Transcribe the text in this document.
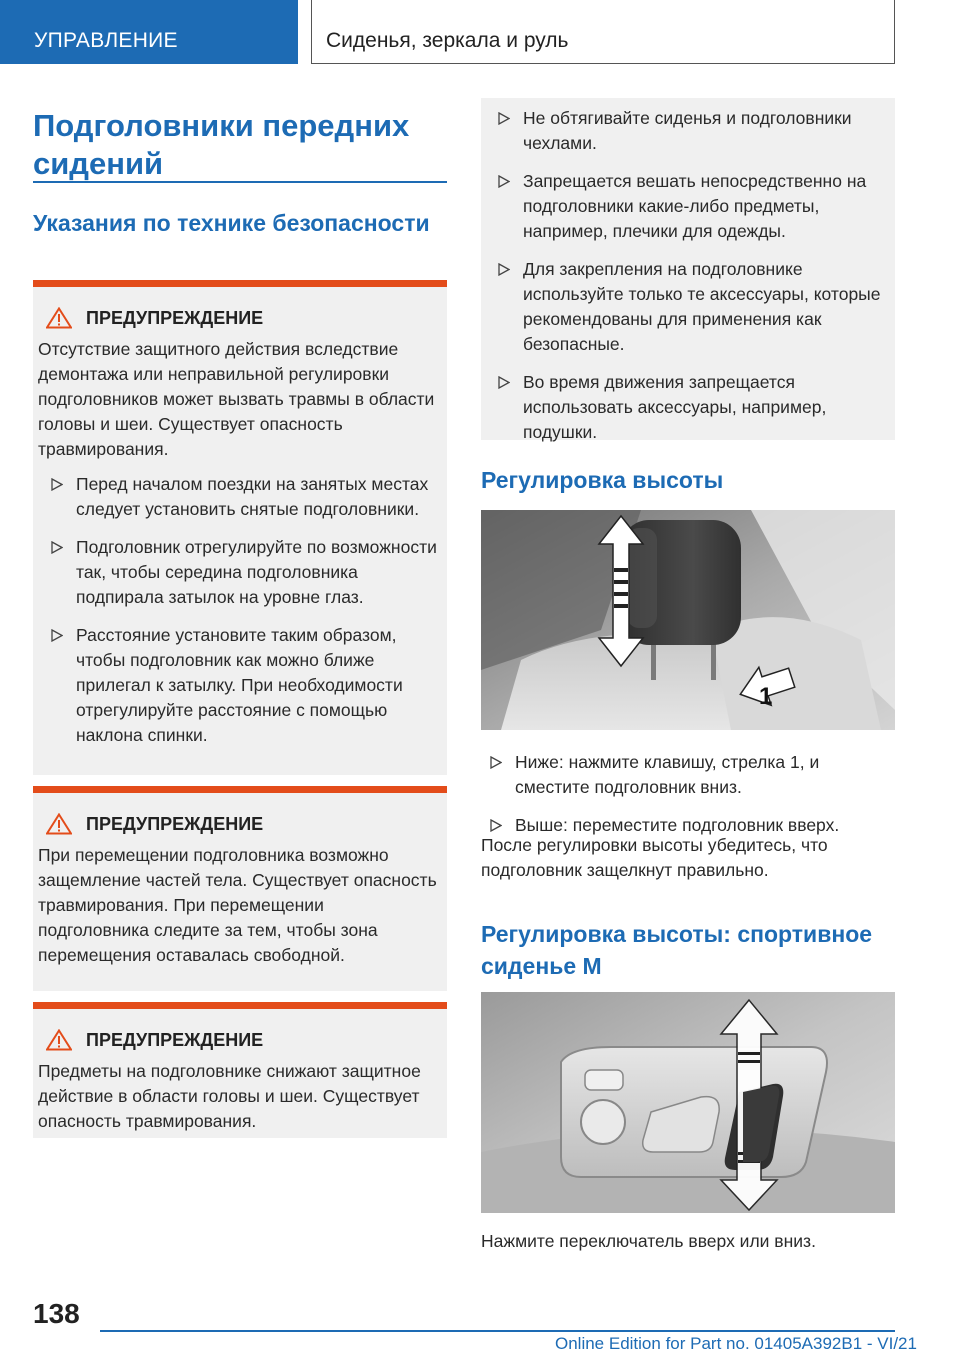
УПРАВЛЕНИЕ	Сиденья, зеркала и руль
Подголовники передних сидений
Указания по технике безопасности
ПРЕДУПРЕЖДЕНИЕ
Отсутствие защитного действия вследствие демонтажа или неправильной регулировки подголовников может вызвать травмы в области головы и шеи. Существует опасность травмирования.
Перед началом поездки на занятых местах следует установить снятые подголовники.
Подголовник отрегулируйте по возможности так, чтобы середина подголовника подпирала затылок на уровне глаз.
Расстояние установите таким образом, чтобы подголовник как можно ближе прилегал к затылку. При необходимости отрегулируйте расстояние с помощью наклона спинки.
ПРЕДУПРЕЖДЕНИЕ
При перемещении подголовника возможно защемление частей тела. Существует опасность травмирования. При перемещении подголовника следите за тем, чтобы зона перемещения оставалась свободной.
ПРЕДУПРЕЖДЕНИЕ
Предметы на подголовнике снижают защитное действие в области головы и шеи. Существует опасность травмирования.
Не обтягивайте сиденья и подголовники чехлами.
Запрещается вешать непосредственно на подголовники какие-либо предметы, например, плечики для одежды.
Для закрепления на подголовнике используйте только те аксессуары, которые рекомендованы для применения как безопасные.
Во время движения запрещается использовать аксессуары, например, подушки.
Регулировка высоты
1
Ниже: нажмите клавишу, стрелка 1, и сместите подголовник вниз.
Выше: переместите подголовник вверх.
После регулировки высоты убедитесь, что подголовник защелкнут правильно.
Регулировка высоты: спортивное сиденье M
Нажмите переключатель вверх или вниз.
138
Online Edition for Part no. 01405A392B1 - VI/21
